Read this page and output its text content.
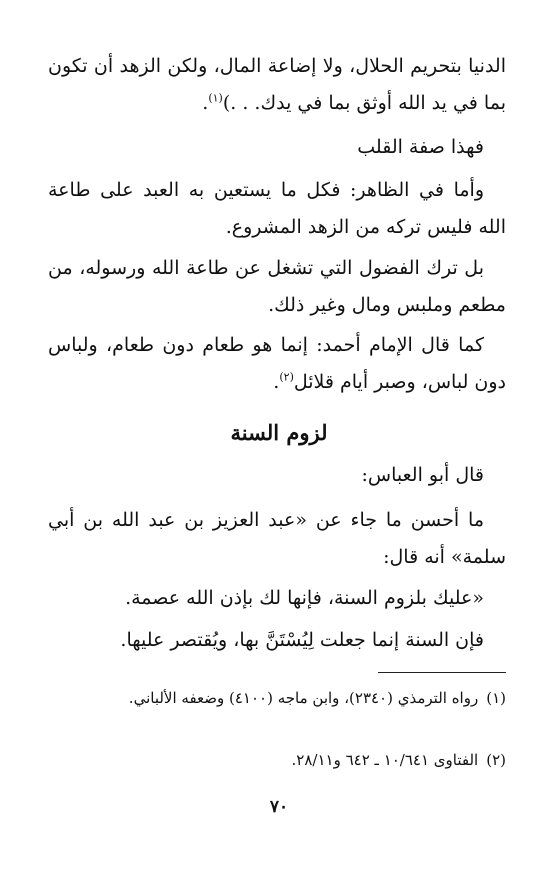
الدنيا بتحريم الحلال، ولا إضاعة المال، ولكن الزهد أن تكون بما في يد الله أوثق بما في يدك. . .)$^{(١)}$.

فهذا صفة القلب

وأما في الظاهر: فكل ما يستعين به العبد على طاعة الله فليس تركه من الزهد المشروع.

بل ترك الفضول التي تشغل عن طاعة الله ورسوله، من مطعم وملبس ومال وغير ذلك.

كما قال الإمام أحمد: إنما هو طعام دون طعام، ولباس دون لباس، وصبر أيام قلائل$^{(٢)}$.

لزوم السنة

قال أبو العباس:

ما أحسن ما جاء عن «عبد العزيز بن عبد الله بن أبي سلمة» أنه قال:

«عليك بلزوم السنة، فإنها لك بإذن الله عصمة.

فإن السنة إنما جعلت لِيُسْتَنَّ بها، ويُقتصر عليها.

(١)رواه الترمذي (٢٣٤٠)، وابن ماجه (٤١٠٠) وضعفه الألباني.

(٢)الفتاوى ١٠/٦٤١ ـ ٦٤٢ و٢٨/١١.

٧٠
